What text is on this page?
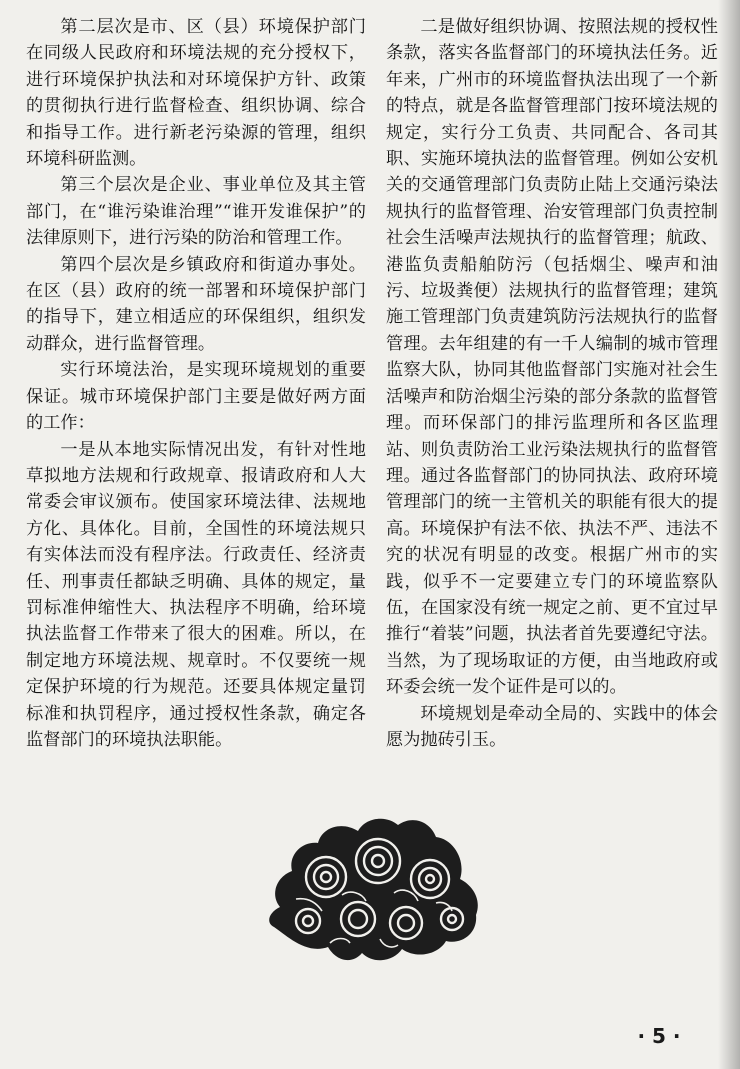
第二层次是市、区（县）环境保护部门在同级人民政府和环境法规的充分授权下，进行环境保护执法和对环境保护方针、政策的贯彻执行进行监督检查、组织协调、综合和指导工作。进行新老污染源的管理，组织环境科研监测。

第三个层次是企业、事业单位及其主管部门，在“谁污染谁治理”“谁开发谁保护”的法律原则下，进行污染的防治和管理工作。

第四个层次是乡镇政府和街道办事处。在区（县）政府的统一部署和环境保护部门的指导下，建立相适应的环保组织，组织发动群众，进行监督管理。

实行环境法治，是实现环境规划的重要保证。城市环境保护部门主要是做好两方面的工作：

一是从本地实际情况出发，有针对性地草拟地方法规和行政规章、报请政府和人大常委会审议颁布。使国家环境法律、法规地方化、具体化。目前，全国性的环境法规只有实体法而没有程序法。行政责任、经济责任、刑事责任都缺乏明确、具体的规定，量罚标准伸缩性大、执法程序不明确，给环境执法监督工作带来了很大的困难。所以，在制定地方环境法规、规章时。不仅要统一规定保护环境的行为规范。还要具体规定量罚标准和执罚程序，通过授权性条款，确定各监督部门的环境执法职能。

二是做好组织协调、按照法规的授权性条款，落实各监督部门的环境执法任务。近年来，广州市的环境监督执法出现了一个新的特点，就是各监督管理部门按环境法规的规定，实行分工负责、共同配合、各司其职、实施环境执法的监督管理。例如公安机关的交通管理部门负责防止陆上交通污染法规执行的监督管理、治安管理部门负责控制社会生活噪声法规执行的监督管理；航政、港监负责船舶防污（包括烟尘、噪声和油污、垃圾粪便）法规执行的监督管理；建筑施工管理部门负责建筑防污法规执行的监督管理。去年组建的有一千人编制的城市管理监察大队，协同其他监督部门实施对社会生活噪声和防治烟尘污染的部分条款的监督管理。而环保部门的排污监理所和各区监理站、则负责防治工业污染法规执行的监督管理。通过各监督部门的协同执法、政府环境管理部门的统一主管机关的职能有很大的提高。环境保护有法不依、执法不严、违法不究的状况有明显的改变。根据广州市的实践，似乎不一定要建立专门的环境监察队伍，在国家没有统一规定之前、更不宜过早推行“着装”问题，执法者首先要遵纪守法。当然，为了现场取证的方便，由当地政府或环委会统一发个证件是可以的。

环境规划是牵动全局的、实践中的体会愿为抛砖引玉。

· 5 ·
